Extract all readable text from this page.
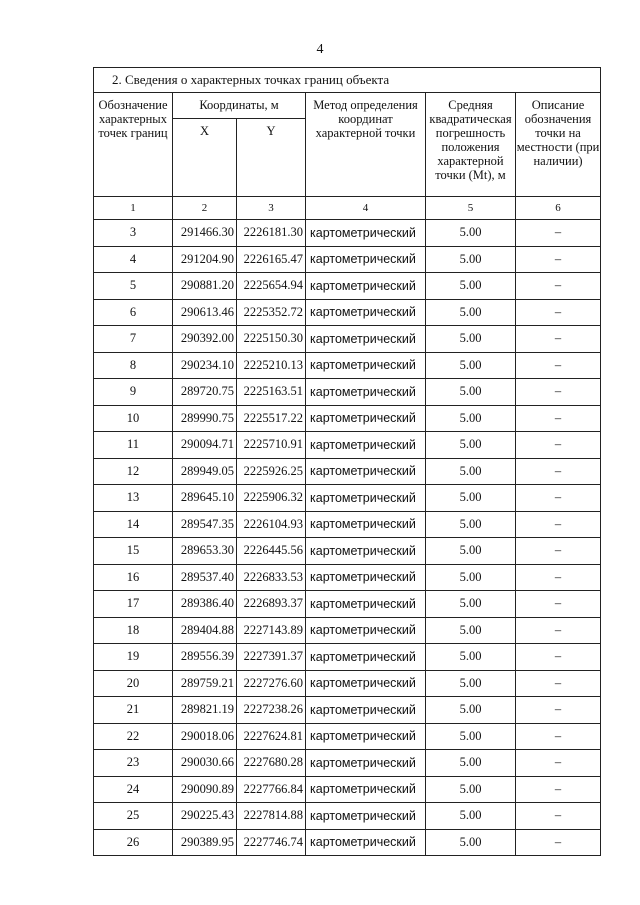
4
2. Сведения о характерных точках границ объекта					
Обозначение характерных точек границ	Координаты, м		Метод определения координат характерной точки	Средняя квадратическая погрешность положения характерной точки (Mt), м	Описание обозначения точки на местности (при наличии)
	X	Y			
1	2	3	4	5	6
3	291466.30	2226181.30	картометрический	5.00	–
4	291204.90	2226165.47	картометрический	5.00	–
5	290881.20	2225654.94	картометрический	5.00	–
6	290613.46	2225352.72	картометрический	5.00	–
7	290392.00	2225150.30	картометрический	5.00	–
8	290234.10	2225210.13	картометрический	5.00	–
9	289720.75	2225163.51	картометрический	5.00	–
10	289990.75	2225517.22	картометрический	5.00	–
11	290094.71	2225710.91	картометрический	5.00	–
12	289949.05	2225926.25	картометрический	5.00	–
13	289645.10	2225906.32	картометрический	5.00	–
14	289547.35	2226104.93	картометрический	5.00	–
15	289653.30	2226445.56	картометрический	5.00	–
16	289537.40	2226833.53	картометрический	5.00	–
17	289386.40	2226893.37	картометрический	5.00	–
18	289404.88	2227143.89	картометрический	5.00	–
19	289556.39	2227391.37	картометрический	5.00	–
20	289759.21	2227276.60	картометрический	5.00	–
21	289821.19	2227238.26	картометрический	5.00	–
22	290018.06	2227624.81	картометрический	5.00	–
23	290030.66	2227680.28	картометрический	5.00	–
24	290090.89	2227766.84	картометрический	5.00	–
25	290225.43	2227814.88	картометрический	5.00	–
26	290389.95	2227746.74	картометрический	5.00	–
